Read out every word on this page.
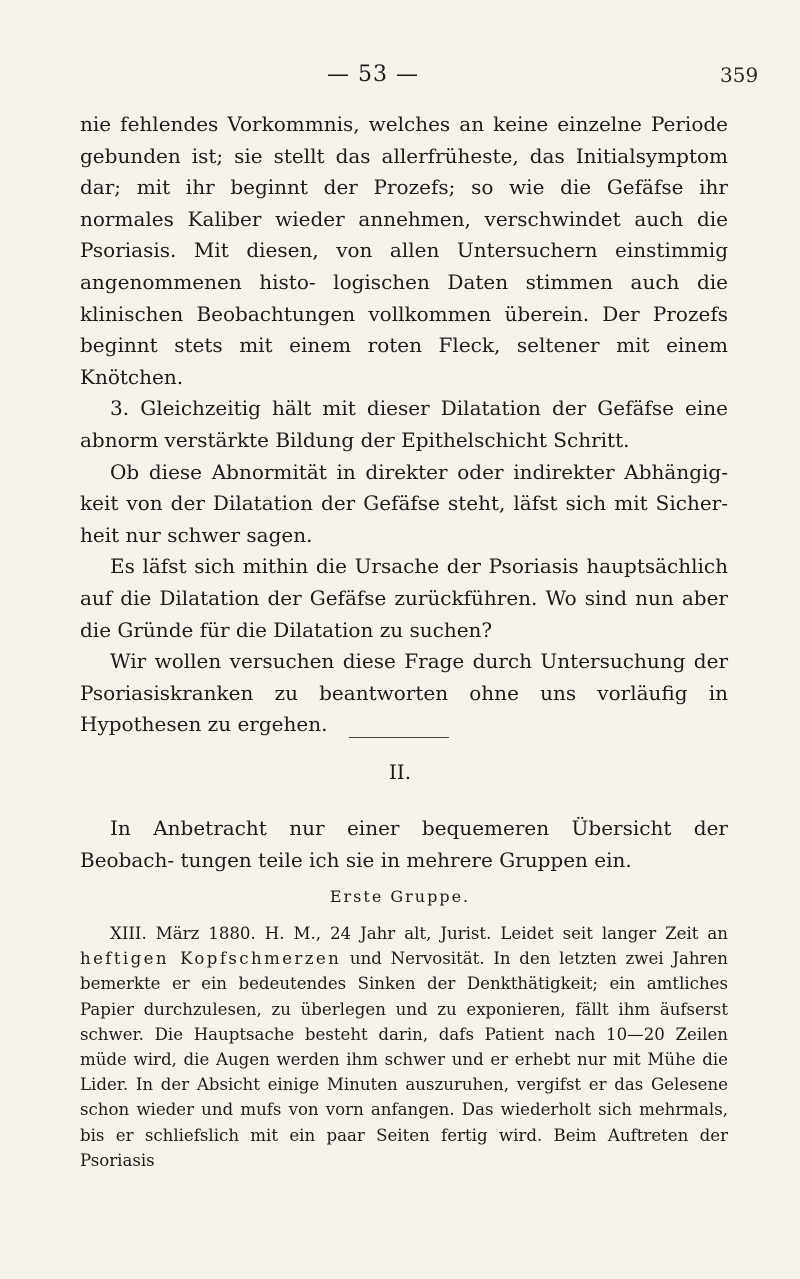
— 53 —	359

nie fehlendes Vorkommnis, welches an keine einzelne Periode gebunden ist; sie stellt das allerfrüheste, das Initialsymptom dar; mit ihr beginnt der Prozefs; so wie die Gefäfse ihr normales Kaliber wieder annehmen, verschwindet auch die Psoriasis. Mit diesen, von allen Untersuchern einstimmig angenommenen histo- logischen Daten stimmen auch die klinischen Beobachtungen vollkommen überein. Der Prozefs beginnt stets mit einem roten Fleck, seltener mit einem Knötchen.

3. Gleichzeitig hält mit dieser Dilatation der Gefäfse eine abnorm verstärkte Bildung der Epithelschicht Schritt.

Ob diese Abnormität in direkter oder indirekter Abhängig- keit von der Dilatation der Gefäfse steht, läfst sich mit Sicher- heit nur schwer sagen.

Es läfst sich mithin die Ursache der Psoriasis hauptsächlich auf die Dilatation der Gefäfse zurückführen. Wo sind nun aber die Gründe für die Dilatation zu suchen?

Wir wollen versuchen diese Frage durch Untersuchung der Psoriasiskranken zu beantworten ohne uns vorläufig in Hypothesen zu ergehen.

II.

In Anbetracht nur einer bequemeren Übersicht der Beobach- tungen teile ich sie in mehrere Gruppen ein.

Erste Gruppe.

XIII. März 1880. H. M., 24 Jahr alt, Jurist. Leidet seit langer Zeit an heftigen Kopfschmerzen und Nervosität. In den letzten zwei Jahren bemerkte er ein bedeutendes Sinken der Denkthätigkeit; ein amtliches Papier durchzulesen, zu überlegen und zu exponieren, fällt ihm äufserst schwer. Die Hauptsache besteht darin, dafs Patient nach 10—20 Zeilen müde wird, die Augen werden ihm schwer und er erhebt nur mit Mühe die Lider. In der Absicht einige Minuten auszuruhen, vergifst er das Gelesene schon wieder und mufs von vorn anfangen. Das wiederholt sich mehrmals, bis er schliefslich mit ein paar Seiten fertig wird. Beim Auftreten der Psoriasis
